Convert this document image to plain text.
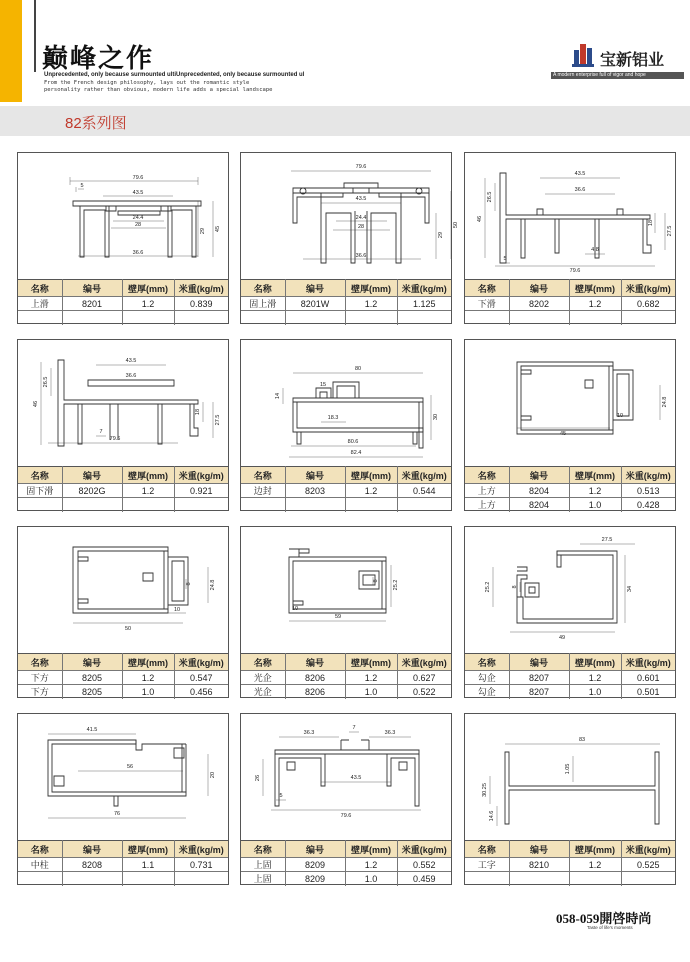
巅峰之作
Unprecedented, only because surmounted ultiUnprecedented, only because surmounted ul
From the French design philosophy, lays out the romantic style
personality rather than obvious, modern life adds a special landscape
宝新铝业
A modern enterprise full of vigor and hope
82系列图
79.6
5
43.5
24.4
28
36.6
29 45
名称	编号	壁厚(mm)	米重(kg/m)
上滑	8201	1.2	0.839

79.6
43.5
24.4
28
36.6
29
50
名称	编号	壁厚(mm)	米重(kg/m)
固上滑	8201W	1.2	1.125

43.5
36.6
26.5
46
18
27.5
5
4.8
79.6
名称	编号	壁厚(mm)	米重(kg/m)
下滑	8202	1.2	0.682

43.5
36.6
26.5
46
18
27.5
7
79.6
名称	编号	壁厚(mm)	米重(kg/m)
固下滑	8202G	1.2	0.921

80
15
14
18.3	30
80.6
82.4
名称	编号	壁厚(mm)	米重(kg/m)
边封	8203	1.2	0.544

24.8
10
45
名称	编号	壁厚(mm)	米重(kg/m)
上方	8204	1.2	0.513
上方	8204	1.0	0.428
24.8
8
10
50
名称	编号	壁厚(mm)	米重(kg/m)
下方	8205	1.2	0.547
下方	8205	1.0	0.456
25.2
8
10
59
名称	编号	壁厚(mm)	米重(kg/m)
光企	8206	1.2	0.627
光企	8206	1.0	0.522
27.5
25.2	8	34
49
名称	编号	壁厚(mm)	米重(kg/m)
勾企	8207	1.2	0.601
勾企	8207	1.0	0.501
41.5
56
20
76
名称	编号	壁厚(mm)	米重(kg/m)
中柱	8208	1.1	0.731

36.3
7
36.3
26	43.5
5
79.6
名称	编号	壁厚(mm)	米重(kg/m)
上固	8209	1.2	0.552
上固	8209	1.0	0.459
83
1.05
30.25
14.6
名称	编号	壁厚(mm)	米重(kg/m)
工字	8210	1.2	0.525

058-059開啓時尚
Taste of life's moments
